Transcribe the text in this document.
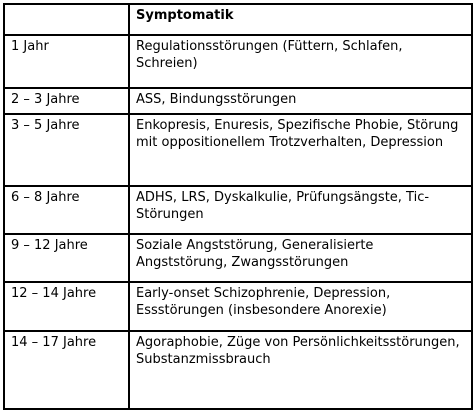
	Symptomatik
1 Jahr	Regulationsstörungen (Füttern, Schlafen, Schreien)
2 – 3 Jahre	ASS, Bindungsstörungen
3 – 5 Jahre	Enkopresis, Enuresis, Spezifische Phobie, Störung mit oppositionellem Trotzverhalten, Depression
6 – 8 Jahre	ADHS, LRS, Dyskalkulie, Prüfungsängste, Tic-Störungen
9 – 12 Jahre	Soziale Angststörung, Generalisierte Angststörung, Zwangsstörungen
12 – 14 Jahre	Early-onset Schizophrenie, Depression, Essstörungen (insbesondere Anorexie)
14 – 17 Jahre	Agoraphobie, Züge von Persönlichkeitsstörungen, Substanzmissbrauch
